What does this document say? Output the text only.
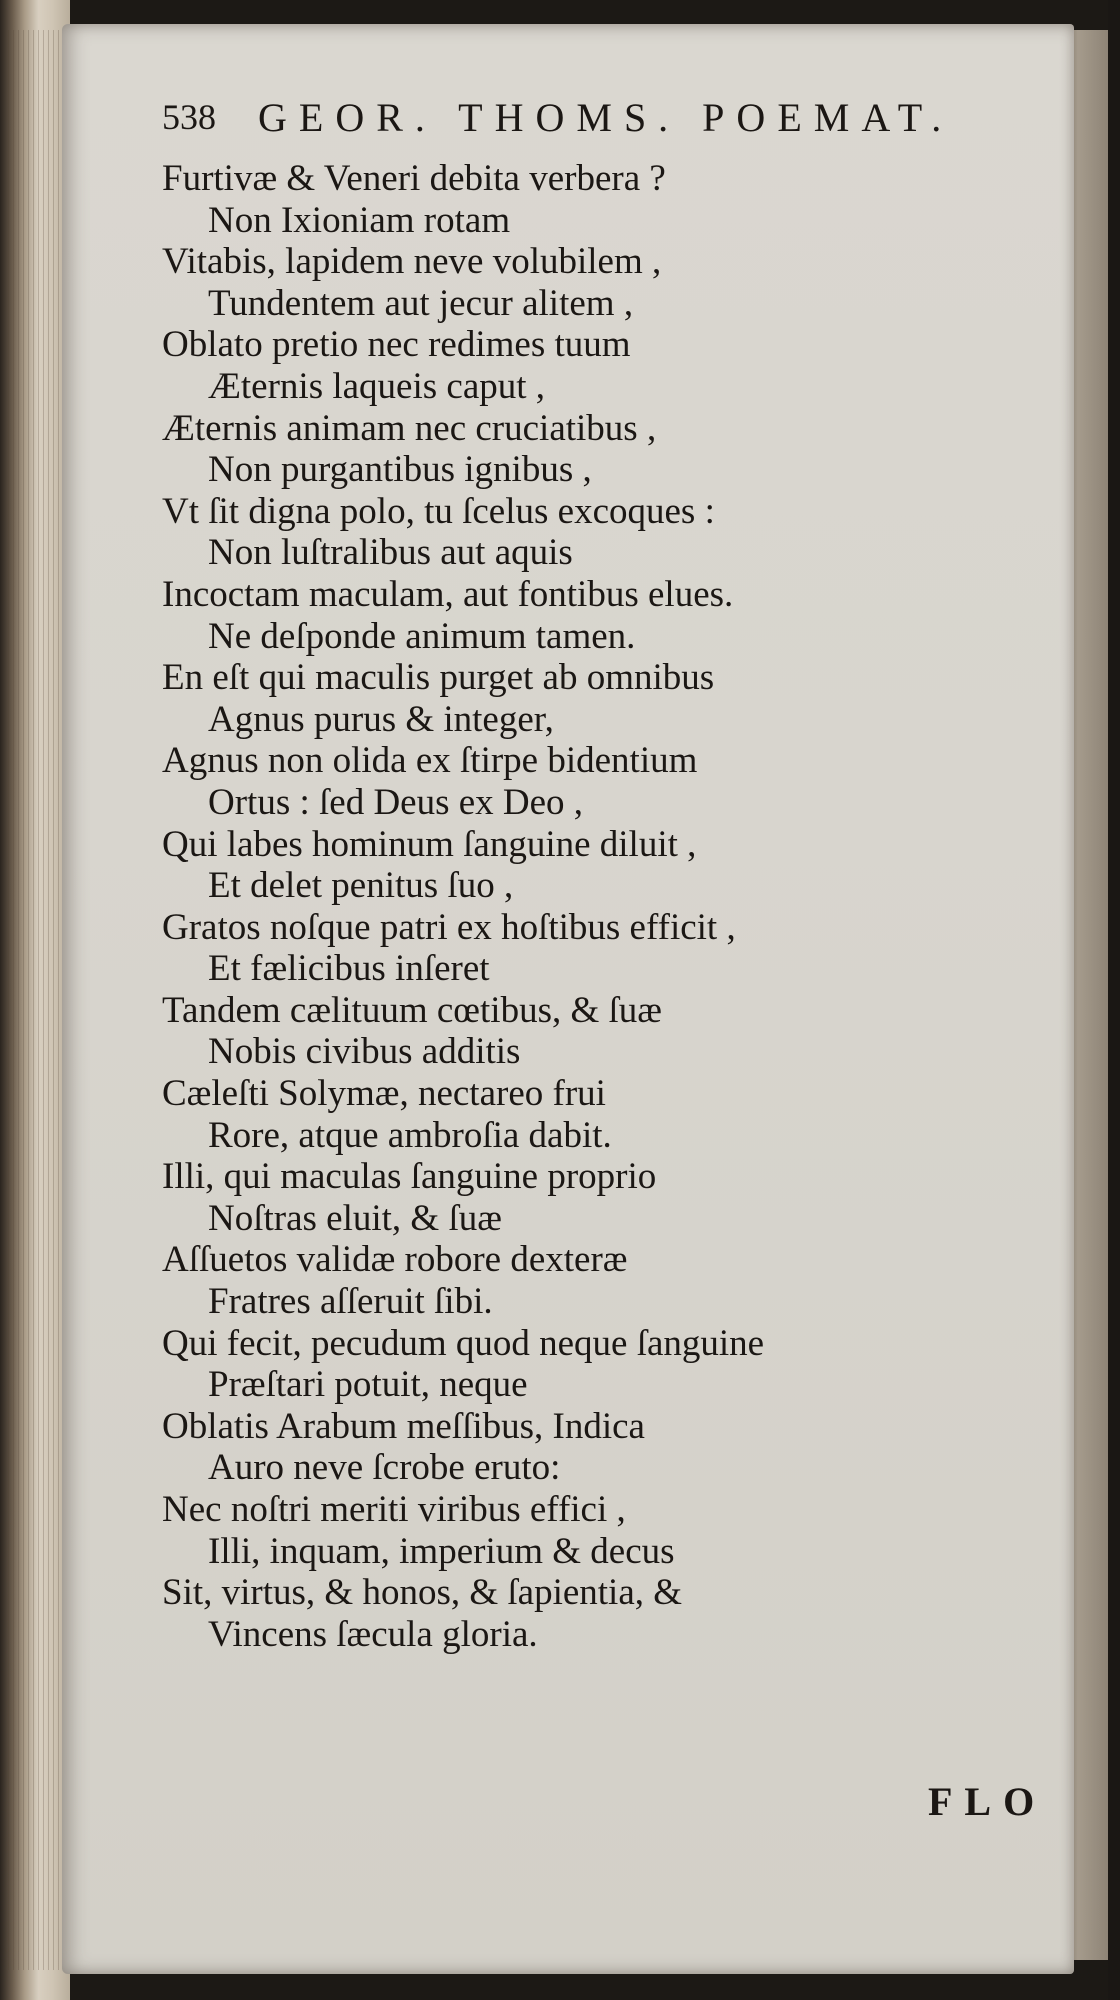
538 GEOR. THOMS. POEMAT.
Furtivæ & Veneri debita verbera ?
Non Ixioniam rotam
Vitabis, lapidem neve volubilem ,
Tundentem aut jecur alitem ,
Oblato pretio nec redimes tuum
Æternis laqueis caput ,
Æternis animam nec cruciatibus ,
Non purgantibus ignibus ,
Vt ſit digna polo, tu ſcelus excoques :
Non luſtralibus aut aquis
Incoctam maculam, aut fontibus elues.
Ne deſponde animum tamen.
En eſt qui maculis purget ab omnibus
Agnus purus & integer,
Agnus non olida ex ſtirpe bidentium
Ortus : ſed Deus ex Deo ,
Qui labes hominum ſanguine diluit ,
Et delet penitus ſuo ,
Gratos noſque patri ex hoſtibus efficit ,
Et fælicibus inſeret
Tandem cælituum cœtibus, & ſuæ
Nobis civibus additis
Cæleſti Solymæ, nectareo frui
Rore, atque ambroſia dabit.
Illi, qui maculas ſanguine proprio
Noſtras eluit, & ſuæ
Aſſuetos validæ robore dexteræ
Fratres aſſeruit ſibi.
Qui fecit, pecudum quod neque ſanguine
Præſtari potuit, neque
Oblatis Arabum meſſibus, Indica
Auro neve ſcrobe eruto:
Nec noſtri meriti viribus effici ,
Illi, inquam, imperium & decus
Sit, virtus, & honos, & ſapientia, &
Vincens ſæcula gloria.
FLO
